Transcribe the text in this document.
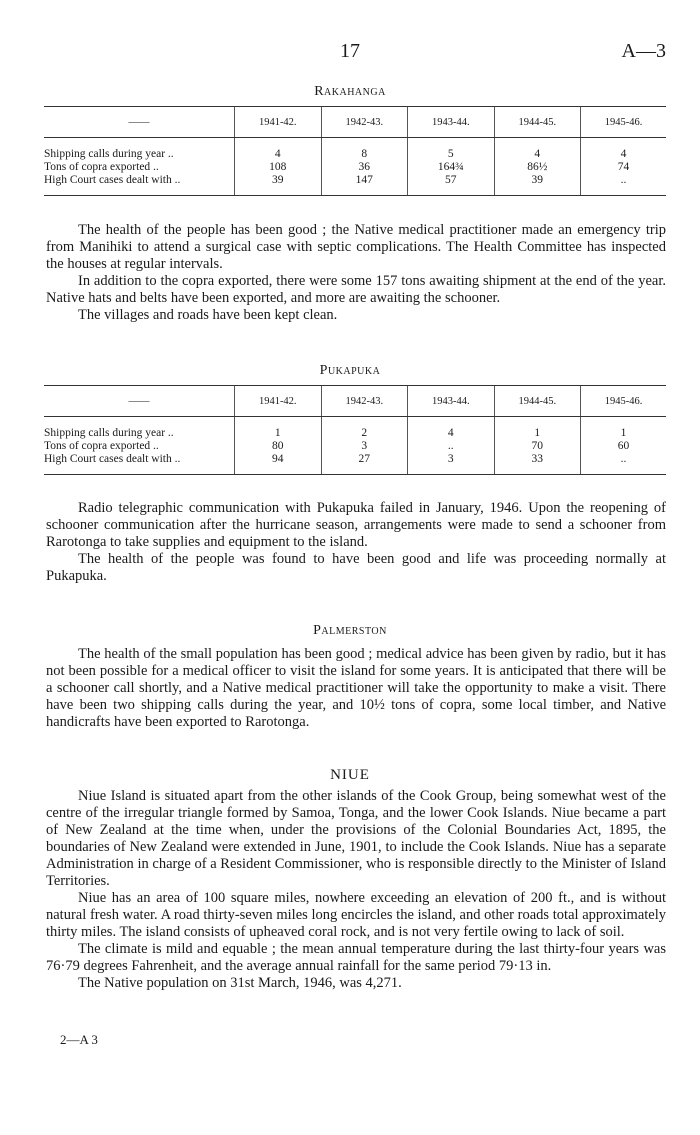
17	A—3
Rakahanga
——	1941-42.	1942-43.	1943-44.	1944-45.	1945-46.

Shipping calls during year ..	4	8	5	4	4
Tons of copra exported ..	108	36	164¾	86½	74
High Court cases dealt with ..	39	147	57	39	..

The health of the people has been good ; the Native medical practitioner made an emergency trip from Manihiki to attend a surgical case with septic complications. The Health Committee has inspected the houses at regular intervals.

In addition to the copra exported, there were some 157 tons awaiting shipment at the end of the year. Native hats and belts have been exported, and more are awaiting the schooner.

The villages and roads have been kept clean.

Pukapuka
——	1941-42.	1942-43.	1943-44.	1944-45.	1945-46.

Shipping calls during year ..	1	2	4	1	1
Tons of copra exported ..	80	3	..	70	60
High Court cases dealt with ..	94	27	3	33	..

Radio telegraphic communication with Pukapuka failed in January, 1946. Upon the reopening of schooner communication after the hurricane season, arrangements were made to send a schooner from Rarotonga to take supplies and equipment to the island.

The health of the people was found to have been good and life was proceeding normally at Pukapuka.

Palmerston

The health of the small population has been good ; medical advice has been given by radio, but it has not been possible for a medical officer to visit the island for some years. It is anticipated that there will be a schooner call shortly, and a Native medical practitioner will take the opportunity to make a visit. There have been two shipping calls during the year, and 10½ tons of copra, some local timber, and Native handicrafts have been exported to Rarotonga.

NIUE

Niue Island is situated apart from the other islands of the Cook Group, being somewhat west of the centre of the irregular triangle formed by Samoa, Tonga, and the lower Cook Islands. Niue became a part of New Zealand at the time when, under the provisions of the Colonial Boundaries Act, 1895, the boundaries of New Zealand were extended in June, 1901, to include the Cook Islands. Niue has a separate Administration in charge of a Resident Commissioner, who is responsible directly to the Minister of Island Territories.

Niue has an area of 100 square miles, nowhere exceeding an elevation of 200 ft., and is without natural fresh water. A road thirty-seven miles long encircles the island, and other roads total approximately thirty miles. The island consists of upheaved coral rock, and is not very fertile owing to lack of soil.

The climate is mild and equable ; the mean annual temperature during the last thirty-four years was 76·79 degrees Fahrenheit, and the average annual rainfall for the same period 79·13 in.

The Native population on 31st March, 1946, was 4,271.

2—A 3
